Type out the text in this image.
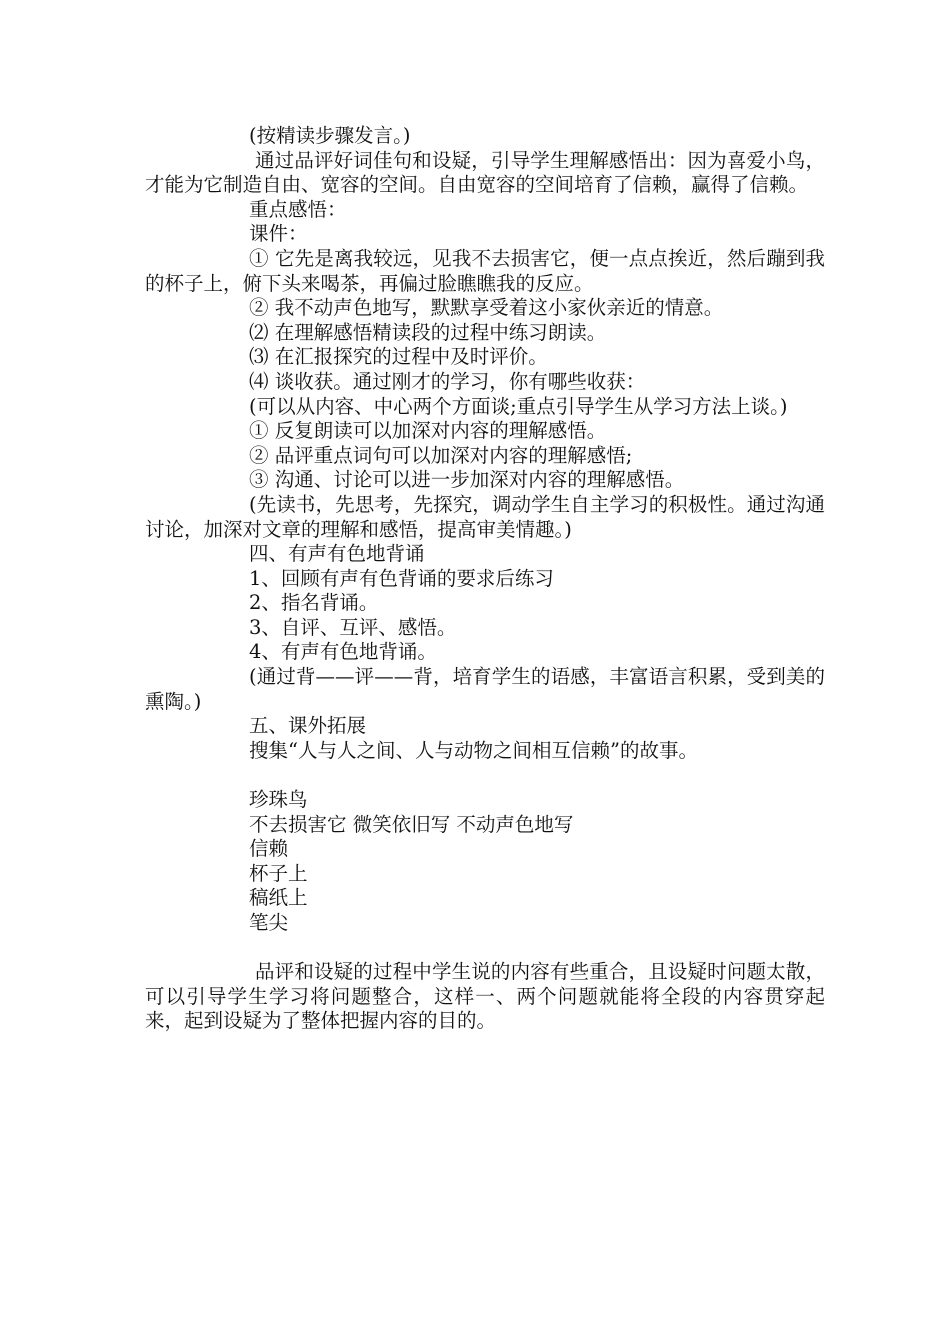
(按精读步骤发言。)

通过品评好词佳句和设疑，引导学生理解感悟出：因为喜爱小鸟，才能为它制造自由、宽容的空间。自由宽容的空间培育了信赖，赢得了信赖。

重点感悟：

课件：

① 它先是离我较远，见我不去损害它，便一点点挨近，然后蹦到我的杯子上，俯下头来喝茶，再偏过脸瞧瞧我的反应。

② 我不动声色地写，默默享受着这小家伙亲近的情意。

⑵ 在理解感悟精读段的过程中练习朗读。

⑶ 在汇报探究的过程中及时评价。

⑷ 谈收获。通过刚才的学习，你有哪些收获：

(可以从内容、中心两个方面谈;重点引导学生从学习方法上谈。)

① 反复朗读可以加深对内容的理解感悟。

② 品评重点词句可以加深对内容的理解感悟;

③ 沟通、讨论可以进一步加深对内容的理解感悟。

(先读书，先思考，先探究，调动学生自主学习的积极性。通过沟通讨论，加深对文章的理解和感悟，提高审美情趣。)

四、有声有色地背诵

1、回顾有声有色背诵的要求后练习

2、指名背诵。

3、自评、互评、感悟。

4、有声有色地背诵。

(通过背——评——背，培育学生的语感，丰富语言积累，受到美的熏陶。)

五、课外拓展

搜集“人与人之间、人与动物之间相互信赖”的故事。

珍珠鸟

不去损害它 微笑依旧写 不动声色地写

信赖

杯子上

稿纸上

笔尖

品评和设疑的过程中学生说的内容有些重合，且设疑时问题太散，可以引导学生学习将问题整合，这样一、两个问题就能将全段的内容贯穿起来，起到设疑为了整体把握内容的目的。
